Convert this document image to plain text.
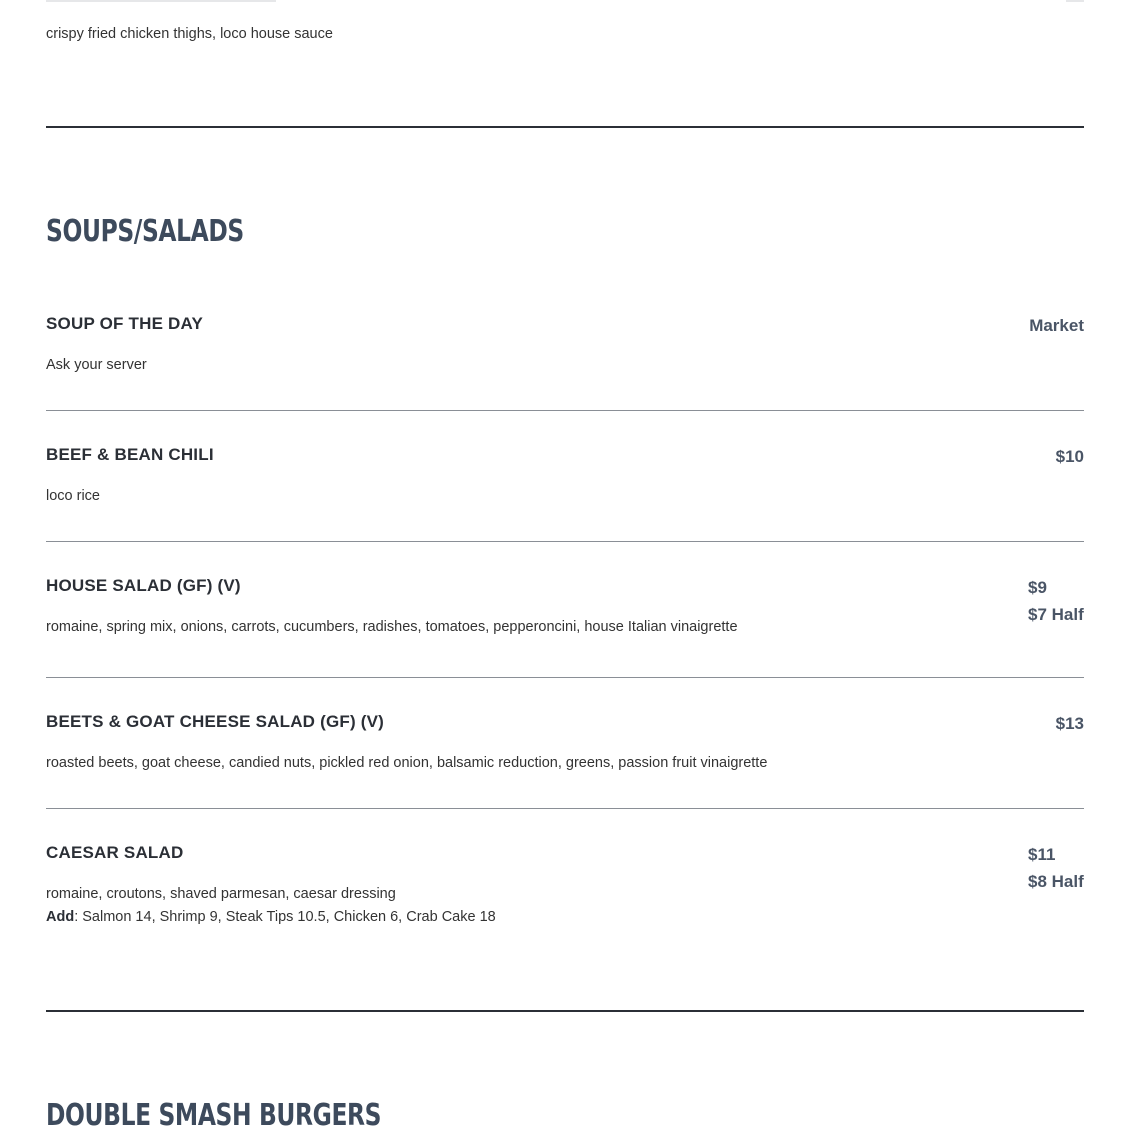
crispy fried chicken thighs, loco house sauce
SOUPS/SALADS
SOUP OF THE DAY	Market
Ask your server
BEEF & BEAN CHILI	$10
loco rice
HOUSE SALAD (GF) (V)	$9
$7 Half
romaine, spring mix, onions, carrots, cucumbers, radishes, tomatoes, pepperoncini, house Italian vinaigrette
BEETS & GOAT CHEESE SALAD (GF) (V)	$13
roasted beets, goat cheese, candied nuts, pickled red onion, balsamic reduction, greens, passion fruit vinaigrette
CAESAR SALAD	$11
$8 Half
romaine, croutons, shaved parmesan, caesar dressing
Add: Salmon 14, Shrimp 9, Steak Tips 10.5, Chicken 6, Crab Cake 18
DOUBLE SMASH BURGERS
